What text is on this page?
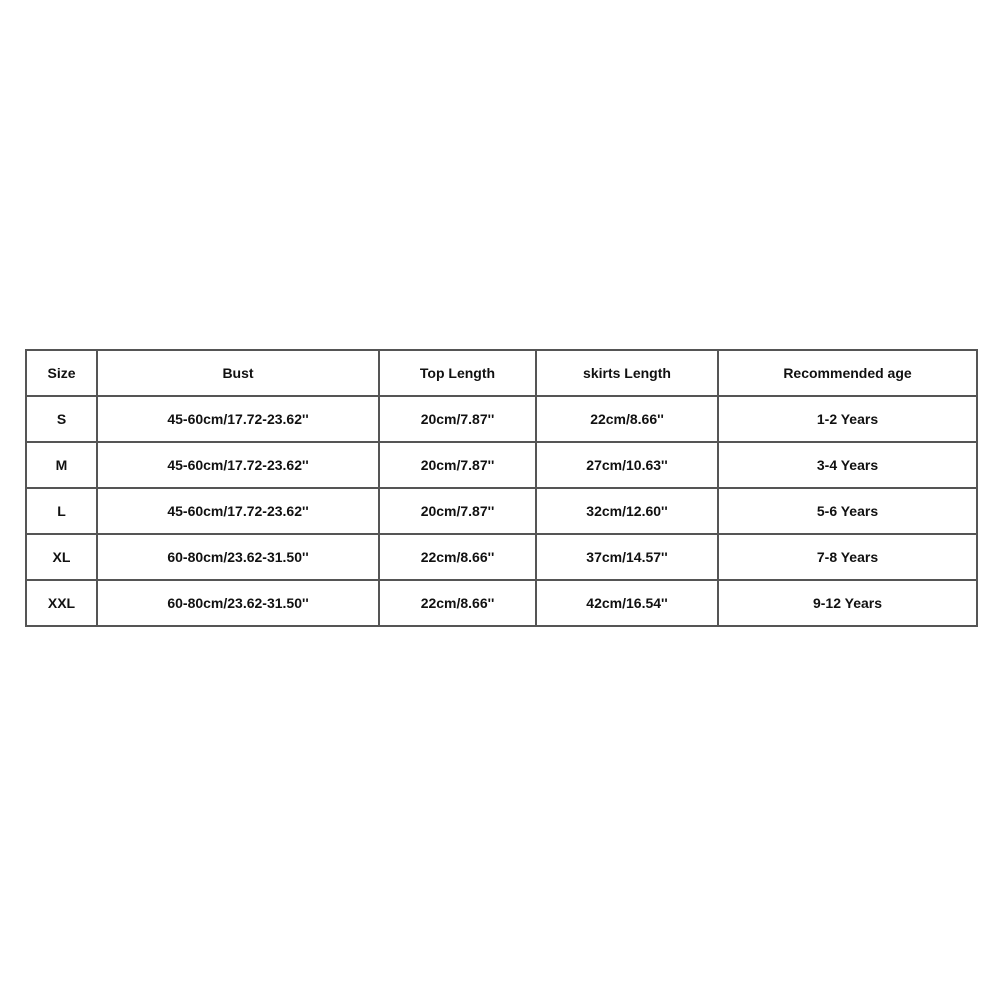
Size	Bust	Top Length	skirts Length	Recommended age
S	45-60cm/17.72-23.62''	20cm/7.87''	22cm/8.66''	1-2 Years
M	45-60cm/17.72-23.62''	20cm/7.87''	27cm/10.63''	3-4 Years
L	45-60cm/17.72-23.62''	20cm/7.87''	32cm/12.60''	5-6 Years
XL	60-80cm/23.62-31.50''	22cm/8.66''	37cm/14.57''	7-8 Years
XXL	60-80cm/23.62-31.50''	22cm/8.66''	42cm/16.54''	9-12 Years
